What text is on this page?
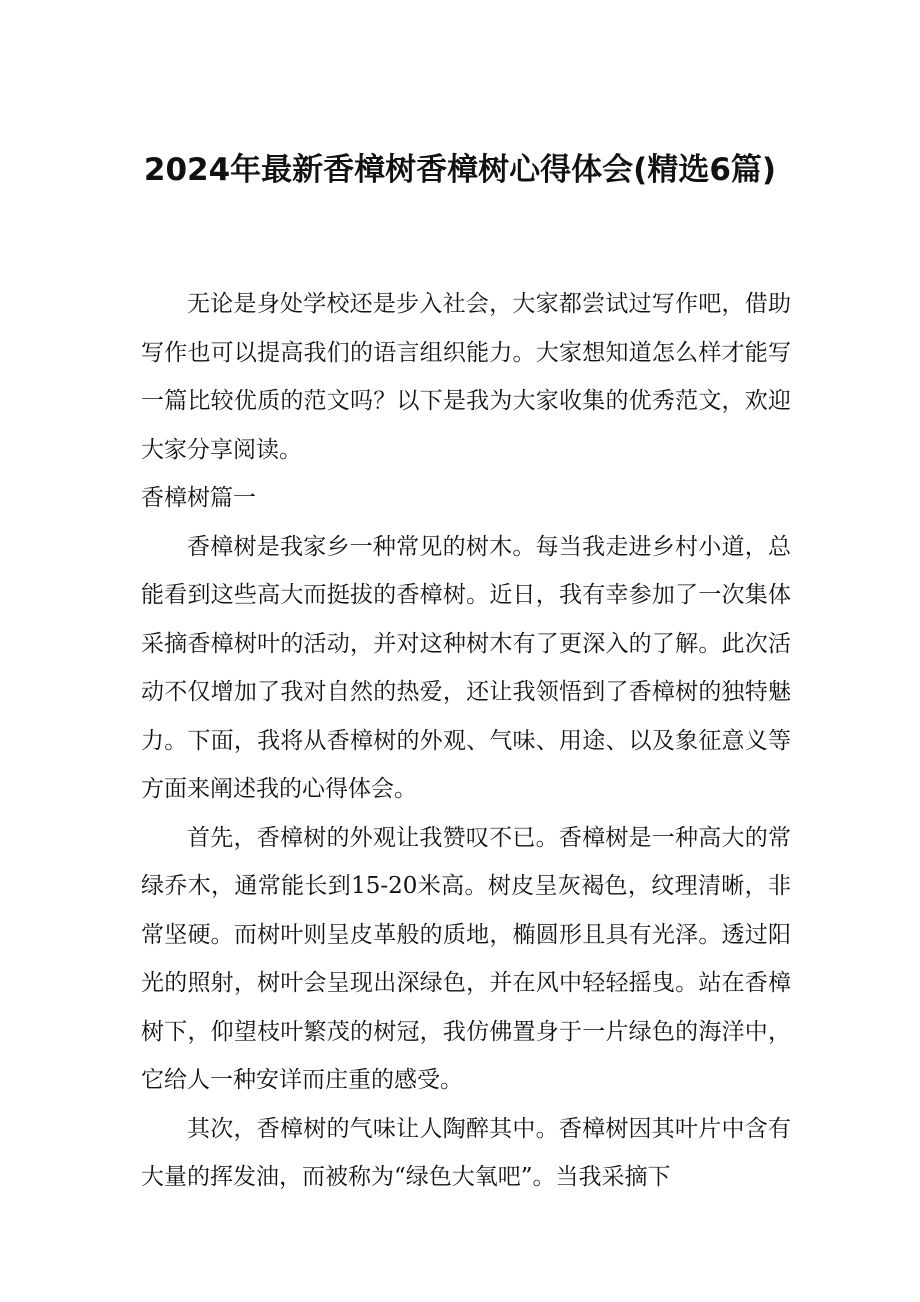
2024年最新香樟树香樟树心得体会(精选6篇)

无论是身处学校还是步入社会，大家都尝试过写作吧，借助写作也可以提高我们的语言组织能力。大家想知道怎么样才能写一篇比较优质的范文吗？以下是我为大家收集的优秀范文，欢迎大家分享阅读。

香樟树篇一

香樟树是我家乡一种常见的树木。每当我走进乡村小道，总能看到这些高大而挺拔的香樟树。近日，我有幸参加了一次集体采摘香樟树叶的活动，并对这种树木有了更深入的了解。此次活动不仅增加了我对自然的热爱，还让我领悟到了香樟树的独特魅力。下面，我将从香樟树的外观、气味、用途、以及象征意义等方面来阐述我的心得体会。

首先，香樟树的外观让我赞叹不已。香樟树是一种高大的常绿乔木，通常能长到15-20米高。树皮呈灰褐色，纹理清晰，非常坚硬。而树叶则呈皮革般的质地，椭圆形且具有光泽。透过阳光的照射，树叶会呈现出深绿色，并在风中轻轻摇曳。站在香樟树下，仰望枝叶繁茂的树冠，我仿佛置身于一片绿色的海洋中，它给人一种安详而庄重的感受。

其次，香樟树的气味让人陶醉其中。香樟树因其叶片中含有大量的挥发油，而被称为“绿色大氧吧”。当我采摘下
